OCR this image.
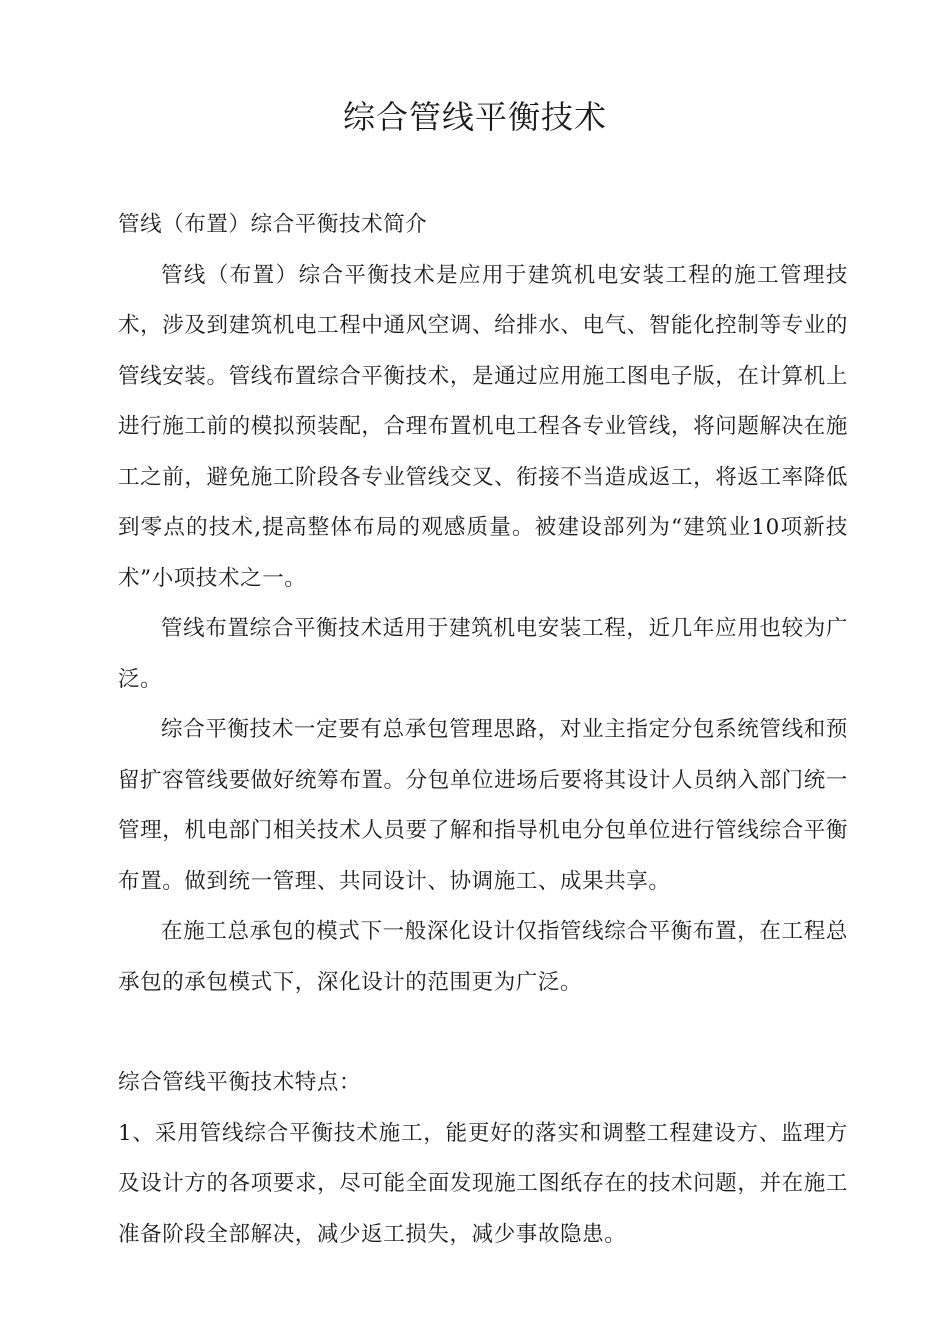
综合管线平衡技术

管线（布置）综合平衡技术简介

管线（布置）综合平衡技术是应用于建筑机电安装工程的施工管理技术，涉及到建筑机电工程中通风空调、给排水、电气、智能化控制等专业的管线安装。管线布置综合平衡技术，是通过应用施工图电子版，在计算机上进行施工前的模拟预装配，合理布置机电工程各专业管线，将问题解决在施工之前，避免施工阶段各专业管线交叉、衔接不当造成返工，将返工率降低到零点的技术,提高整体布局的观感质量。被建设部列为“建筑业10项新技术”小项技术之一。

管线布置综合平衡技术适用于建筑机电安装工程，近几年应用也较为广泛。

综合平衡技术一定要有总承包管理思路，对业主指定分包系统管线和预留扩容管线要做好统筹布置。分包单位进场后要将其设计人员纳入部门统一管理，机电部门相关技术人员要了解和指导机电分包单位进行管线综合平衡布置。做到统一管理、共同设计、协调施工、成果共享。

在施工总承包的模式下一般深化设计仅指管线综合平衡布置，在工程总承包的承包模式下，深化设计的范围更为广泛。

综合管线平衡技术特点：

1、采用管线综合平衡技术施工，能更好的落实和调整工程建设方、监理方及设计方的各项要求，尽可能全面发现施工图纸存在的技术问题，并在施工准备阶段全部解决，减少返工损失，减少事故隐患。
